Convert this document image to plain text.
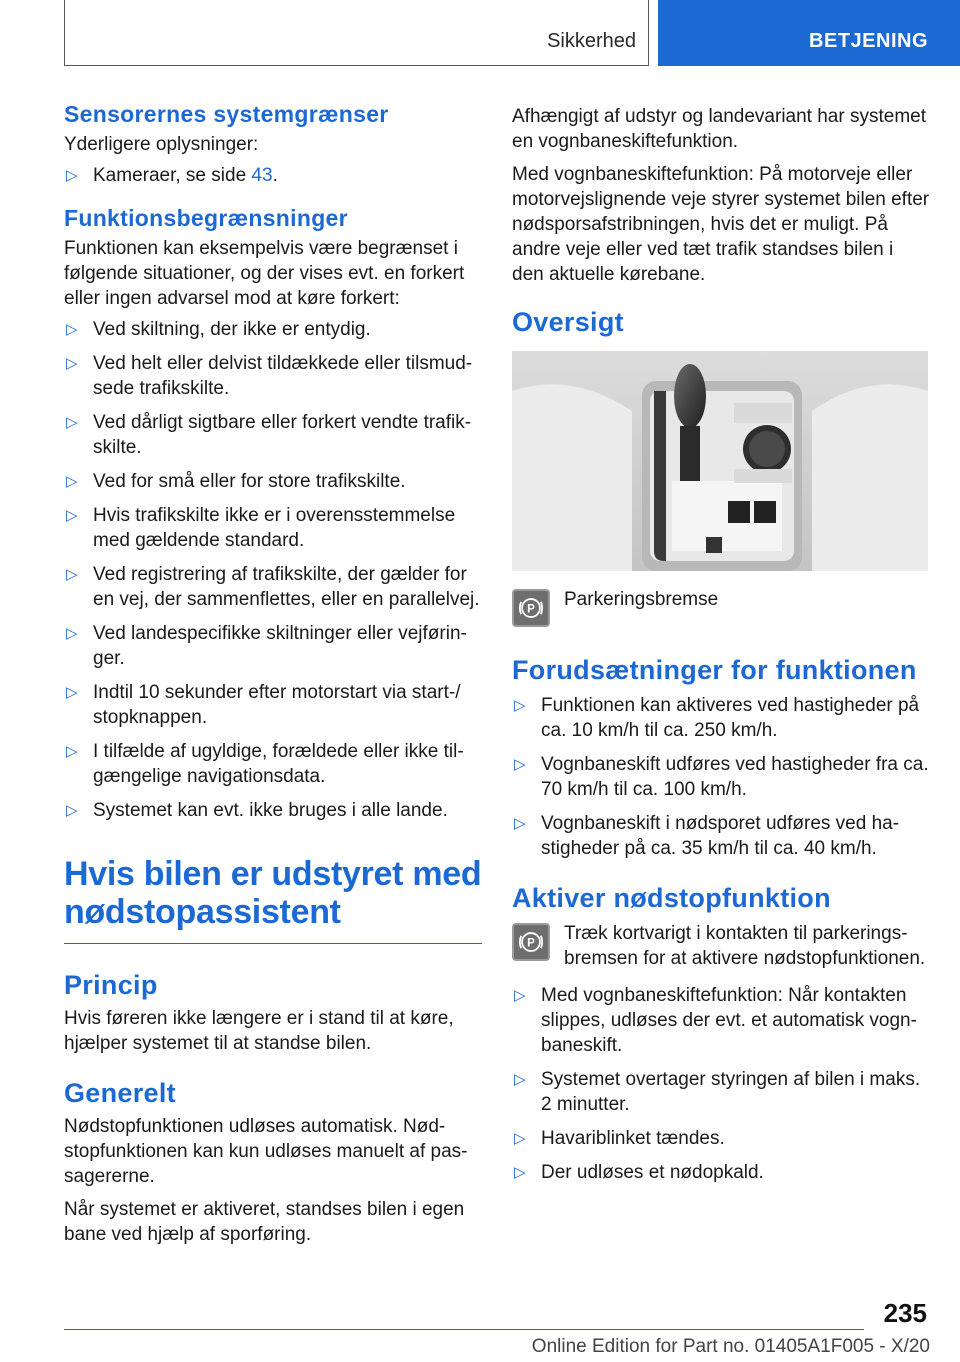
Sikkerhed	BETJENING
Sensorernes systemgrænser
Yderligere oplysninger:
▷ Kameraer, se side 43.
Funktionsbegrænsninger
Funktionen kan eksempelvis være begrænset i følgende situationer, og der vises evt. en forkert eller ingen advarsel mod at køre forkert:
▷ Ved skiltning, der ikke er entydig.
▷ Ved helt eller delvist tildækkede eller tilsmudsede trafikskilte.
▷ Ved dårligt sigtbare eller forkert vendte trafikskilte.
▷ Ved for små eller for store trafikskilte.
▷ Hvis trafikskilte ikke er i overensstemmelse med gældende standard.
▷ Ved registrering af trafikskilte, der gælder for en vej, der sammenflettes, eller en parallelvej.
▷ Ved landespecifikke skiltninger eller vejføringer.
▷ Indtil 10 sekunder efter motorstart via start-/ stopknappen.
▷ I tilfælde af ugyldige, forældede eller ikke tilgængelige navigationsdata.
▷ Systemet kan evt. ikke bruges i alle lande.
Hvis bilen er udstyret med nødstopassistent
Princip
Hvis føreren ikke længere er i stand til at køre, hjælper systemet til at standse bilen.
Generelt
Nødstopfunktionen udløses automatisk. Nødstopfunktionen kan kun udløses manuelt af passagererne.
Når systemet er aktiveret, standses bilen i egen bane ved hjælp af sporføring.
Afhængigt af udstyr og landevariant har systemet en vognbaneskiftefunktion.
Med vognbaneskiftefunktion: På motorveje eller motorvejslignende veje styrer systemet bilen efter nødsporsafstribningen, hvis det er muligt. På andre veje eller ved tæt trafik standses bilen i den aktuelle kørebane.
Oversigt
P Parkeringsbremse
Forudsætninger for funktionen
▷ Funktionen kan aktiveres ved hastigheder på ca. 10 km/h til ca. 250 km/h.
▷ Vognbaneskift udføres ved hastigheder fra ca. 70 km/h til ca. 100 km/h.
▷ Vognbaneskift i nødsporet udføres ved hastigheder på ca. 35 km/h til ca. 40 km/h.
Aktiver nødstopfunktion
P Træk kortvarigt i kontakten til parkeringsbremsen for at aktivere nødstopfunktionen.
▷ Med vognbaneskiftefunktion: Når kontakten slippes, udløses der evt. et automatisk vognbaneskift.
▷ Systemet overtager styringen af bilen i maks. 2 minutter.
▷ Havariblinket tændes.
▷ Der udløses et nødopkald.
235
Online Edition for Part no. 01405A1F005 - X/20
